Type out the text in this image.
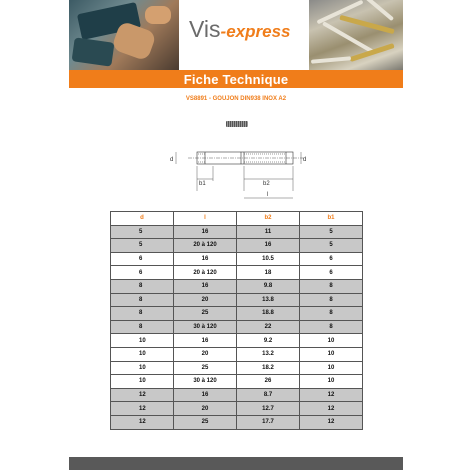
Vis-express
Fiche Technique
VS8891 - GOUJON DIN938 INOX A2
d	d
b1	b2
l
d	l	b2	b1
5	16	11	5
5	20 à 120	16	5
6	16	10.5	6
6	20 à 120	18	6
8	16	9.8	8
8	20	13.8	8
8	25	18.8	8
8	30 à 120	22	8
10	16	9.2	10
10	20	13.2	10
10	25	18.2	10
10	30 à 120	26	10
12	16	8.7	12
12	20	12.7	12
12	25	17.7	12
